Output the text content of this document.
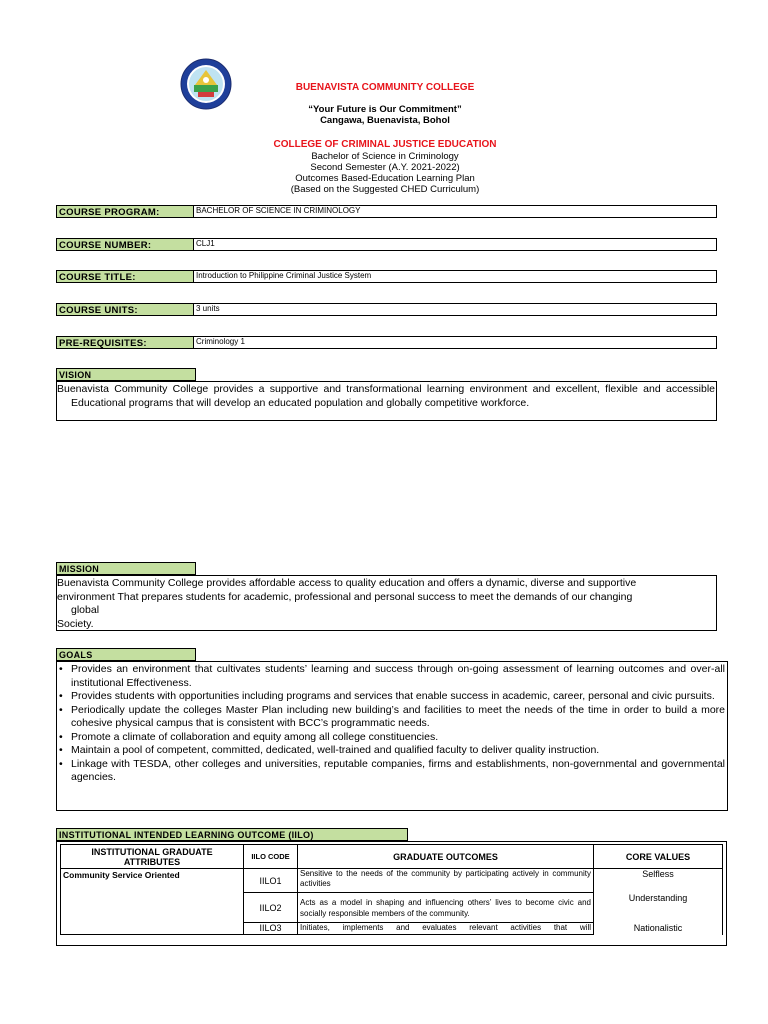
BUENAVISTA COMMUNITY COLLEGE
“Your Future is Our Commitment”
Cangawa, Buenavista, Bohol
COLLEGE OF CRIMINAL JUSTICE EDUCATION
Bachelor of Science in Criminology
Second Semester (A.Y. 2021-2022)
Outcomes Based-Education Learning Plan
(Based on the Suggested CHED Curriculum)
COURSE PROGRAM:	BACHELOR OF SCIENCE IN CRIMINOLOGY
COURSE NUMBER:	CLJ1
COURSE TITLE:	Introduction to Philippine Criminal Justice System
COURSE UNITS:	3 units
PRE-REQUISITES:	Criminology 1
VISION
Buenavista Community College provides a supportive and transformational learning environment and excellent, flexible and accessible Educational programs that will develop an educated population and globally competitive workforce.
MISSION
Buenavista Community College provides affordable access to quality education and offers a dynamic, diverse and supportive
environment That prepares students for academic, professional and personal success to meet the demands of our changing
global
Society.
GOALS
• Provides an environment that cultivates students’ learning and success through on-going assessment of learning outcomes and over-all institutional Effectiveness.
• Provides students with opportunities including programs and services that enable success in academic, career, personal and civic pursuits.
• Periodically update the colleges Master Plan including new building’s and facilities to meet the needs of the time in order to build a more cohesive physical campus that is consistent with BCC’s programmatic needs.
• Promote a climate of collaboration and equity among all college constituencies.
• Maintain a pool of competent, committed, dedicated, well-trained and qualified faculty to deliver quality instruction.
• Linkage with TESDA, other colleges and universities, reputable companies, firms and establishments, non-governmental and governmental agencies.
INSTITUTIONAL INTENDED LEARNING OUTCOME (IILO)
INSTITUTIONAL GRADUATE ATTRIBUTES	IILO CODE	GRADUATE OUTCOMES	CORE VALUES
Community Service Oriented	IILO1	Sensitive to the needs of the community by participating actively in community activities	Selfless
	IILO2	Acts as a model in shaping and influencing others’ lives to become civic and socially responsible members of the community.	Understanding
	IILO3	Initiates, implements and evaluates relevant activities that will	Nationalistic
